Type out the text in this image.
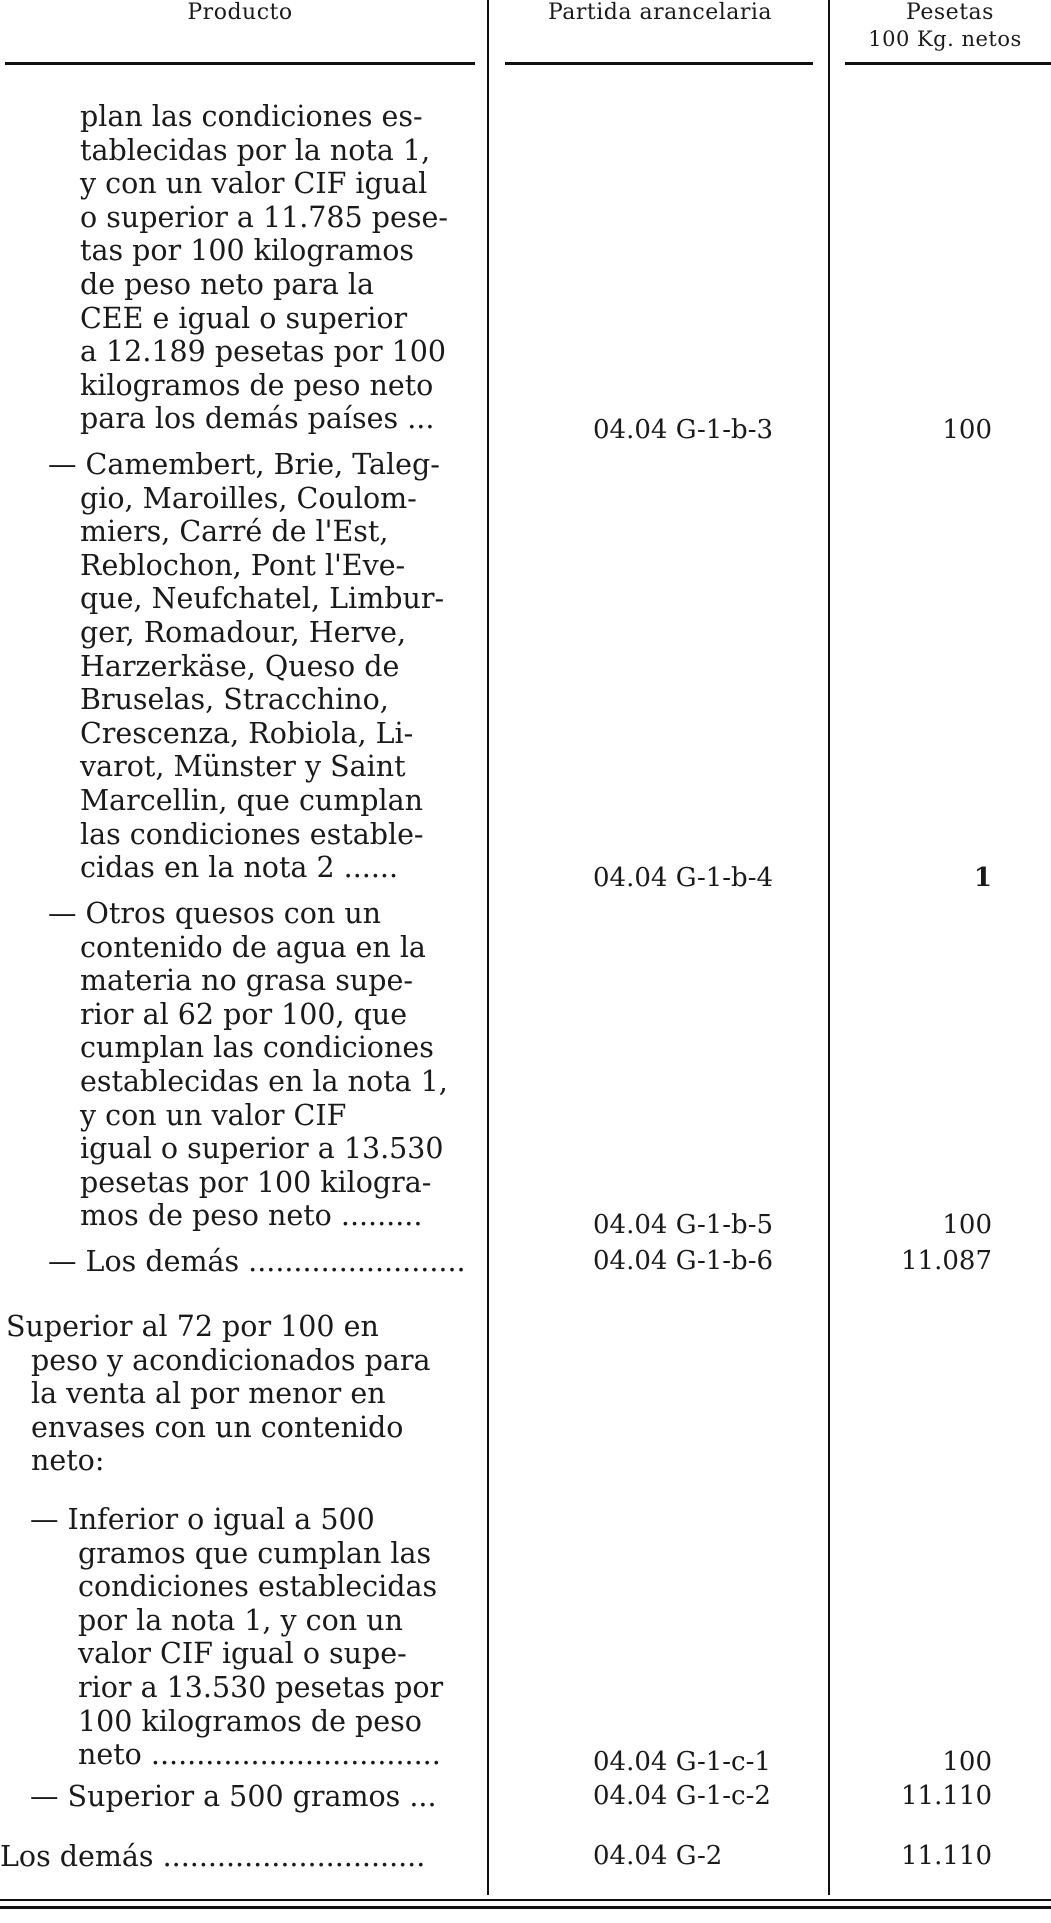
Producto	Partida arancelaria	Pesetas
100 Kg. netos
plan las condiciones es-
tablecidas por la nota 1,
y con un valor CIF igual
o superior a 11.785 pese-
tas por 100 kilogramos
de peso neto para la
CEE e igual o superior
a 12.189 pesetas por 100
kilogramos de peso neto
para los demás países ...	04.04 G-1-b-3	100
— Camembert, Brie, Taleg-
gio, Maroilles, Coulom-
miers, Carré de l'Est,
Reblochon, Pont l'Eve-
que, Neufchatel, Limbur-
ger, Romadour, Herve,
Harzerkäse, Queso de
Bruselas, Stracchino,
Crescenza, Robiola, Li-
varot, Münster y Saint
Marcellin, que cumplan
las condiciones estable-
cidas en la nota 2 ......	04.04 G-1-b-4	1
— Otros quesos con un
contenido de agua en la
materia no grasa supe-
rior al 62 por 100, que
cumplan las condiciones
establecidas en la nota 1,
y con un valor CIF
igual o superior a 13.530
pesetas por 100 kilogra-
mos de peso neto .........	04.04 G-1-b-5	100
— Los demás ........................	04.04 G-1-b-6	11.087
Superior al 72 por 100 en
peso y acondicionados para
la venta al por menor en
envases con un contenido
neto:
— Inferior o igual a 500
gramos que cumplan las
condiciones establecidas
por la nota 1, y con un
valor CIF igual o supe-
rior a 13.530 pesetas por
100 kilogramos de peso
neto ................................	04.04 G-1-c-1	100
— Superior a 500 gramos ...	04.04 G-1-c-2	11.110
Los demás .............................	04.04 G-2	11.110
